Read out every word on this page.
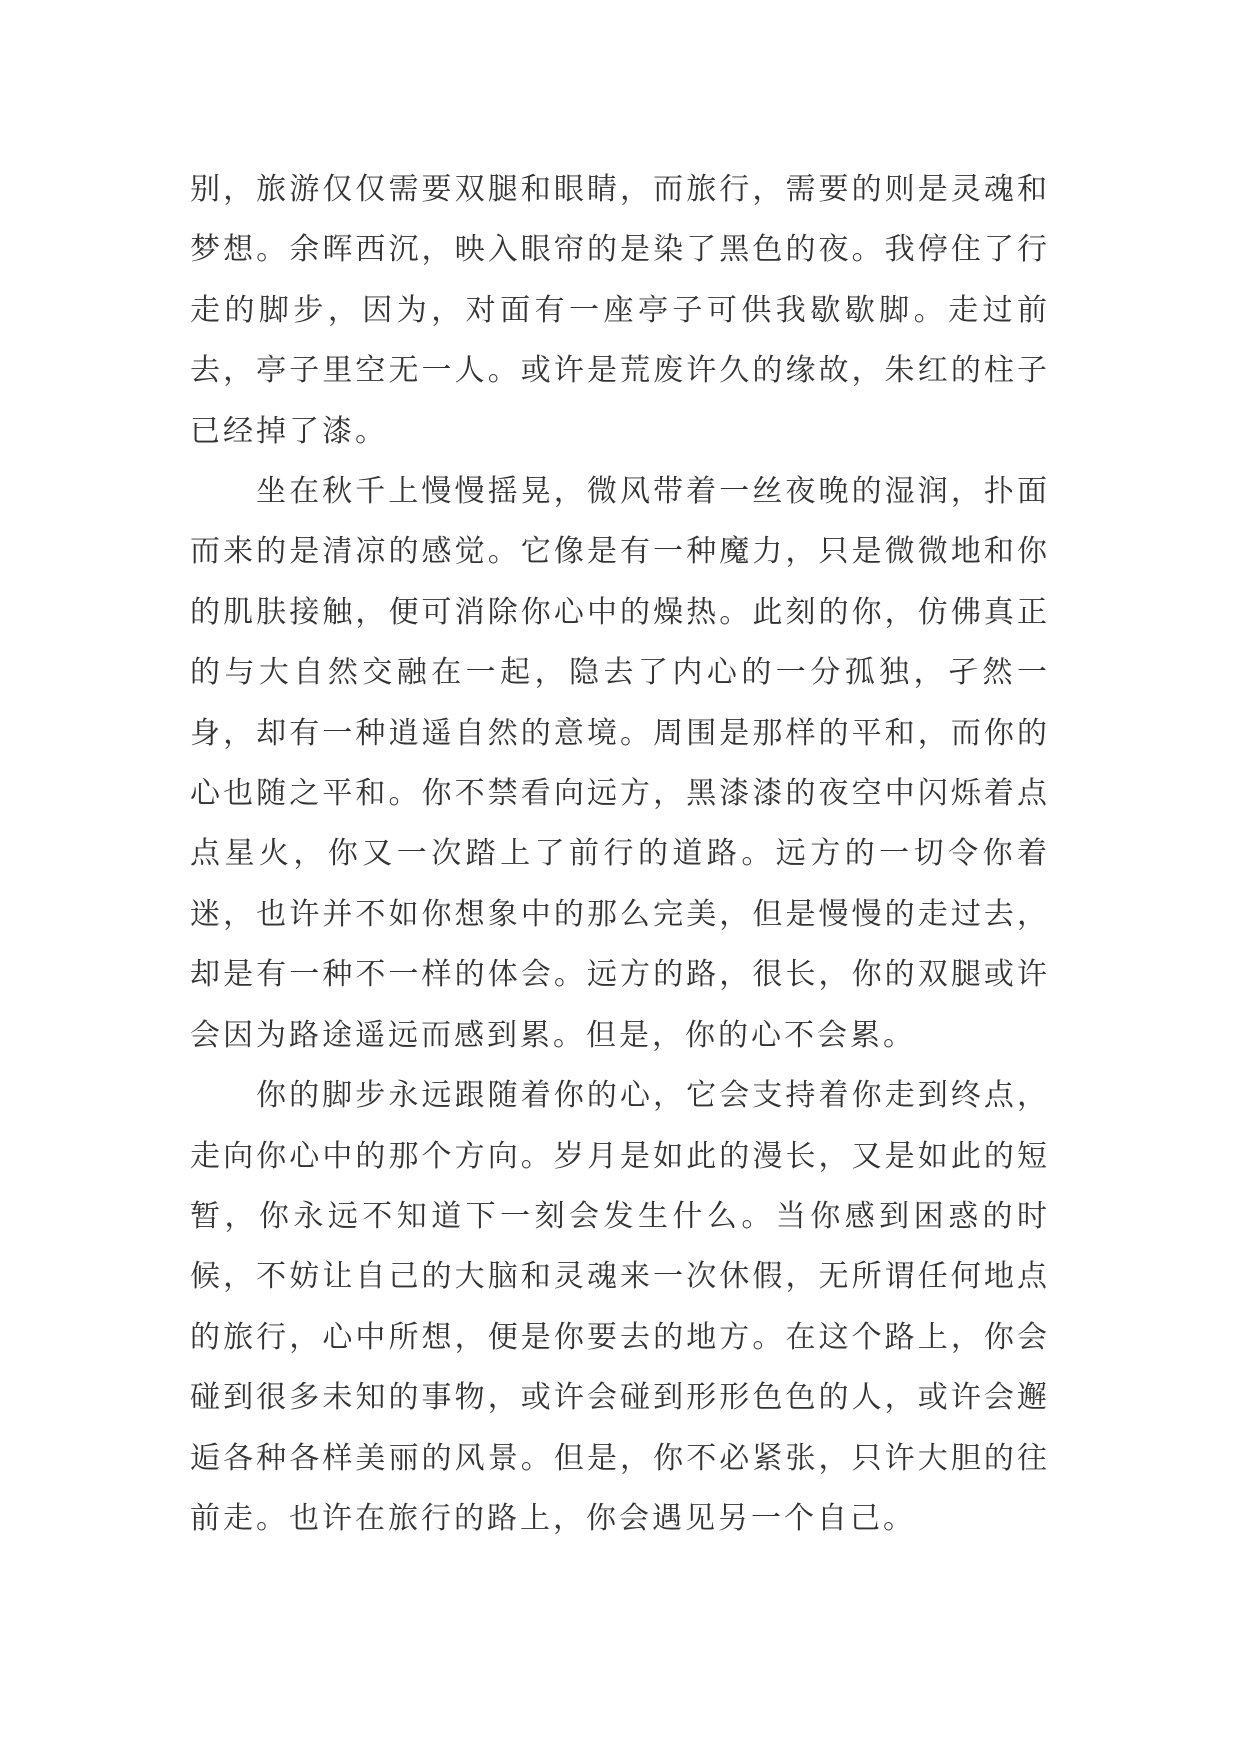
别，旅游仅仅需要双腿和眼睛，而旅行，需要的则是灵魂和梦想。余晖西沉，映入眼帘的是染了黑色的夜。我停住了行走的脚步，因为，对面有一座亭子可供我歇歇脚。走过前去，亭子里空无一人。或许是荒废许久的缘故，朱红的柱子已经掉了漆。

坐在秋千上慢慢摇晃，微风带着一丝夜晚的湿润，扑面而来的是清凉的感觉。它像是有一种魔力，只是微微地和你的肌肤接触，便可消除你心中的燥热。此刻的你，仿佛真正的与大自然交融在一起，隐去了内心的一分孤独，孑然一身，却有一种逍遥自然的意境。周围是那样的平和，而你的心也随之平和。你不禁看向远方，黑漆漆的夜空中闪烁着点点星火，你又一次踏上了前行的道路。远方的一切令你着迷，也许并不如你想象中的那么完美，但是慢慢的走过去，却是有一种不一样的体会。远方的路，很长，你的双腿或许会因为路途遥远而感到累。但是，你的心不会累。

你的脚步永远跟随着你的心，它会支持着你走到终点，走向你心中的那个方向。岁月是如此的漫长，又是如此的短暂，你永远不知道下一刻会发生什么。当你感到困惑的时候，不妨让自己的大脑和灵魂来一次休假，无所谓任何地点的旅行，心中所想，便是你要去的地方。在这个路上，你会碰到很多未知的事物，或许会碰到形形色色的人，或许会邂逅各种各样美丽的风景。但是，你不必紧张，只许大胆的往前走。也许在旅行的路上，你会遇见另一个自己。
